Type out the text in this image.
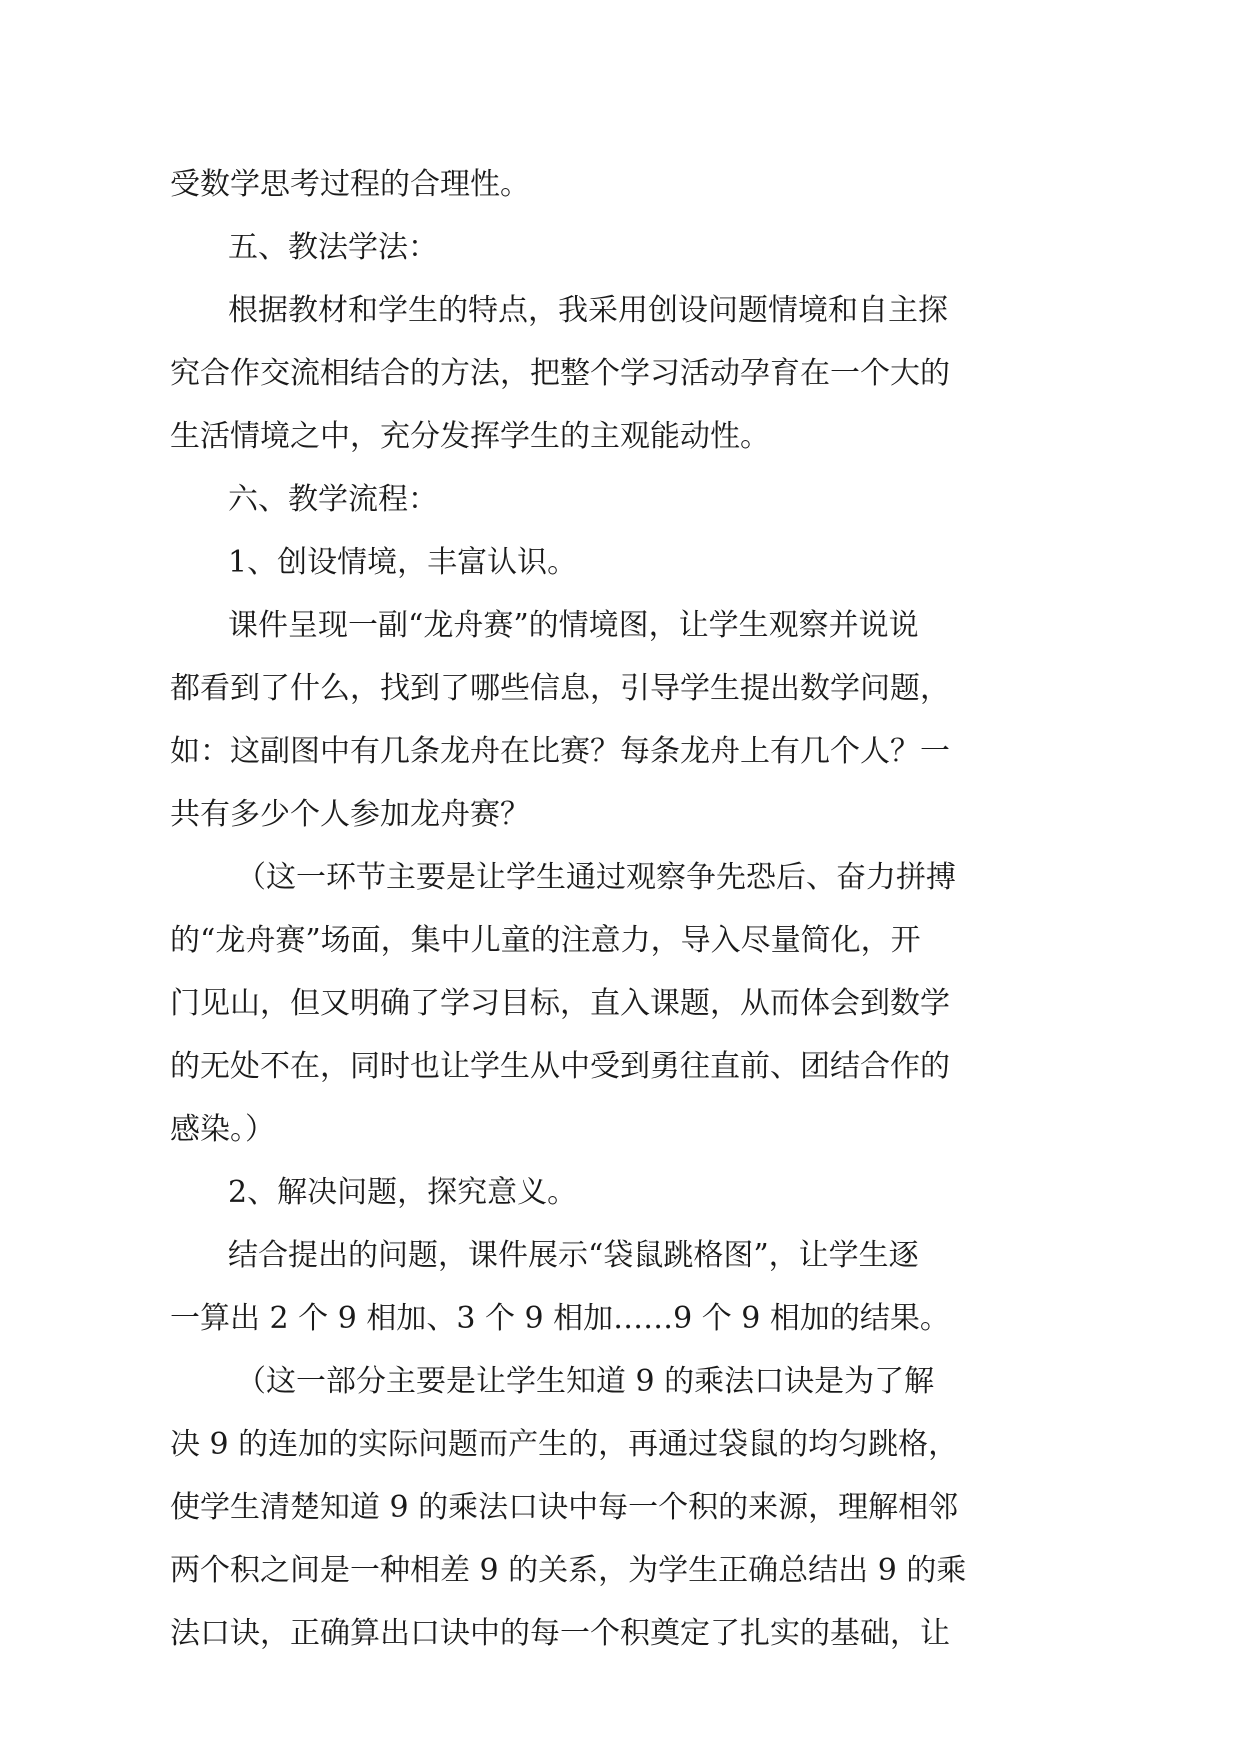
受数学思考过程的合理性。
五、教法学法：
根据教材和学生的特点，我采用创设问题情境和自主探
究合作交流相结合的方法，把整个学习活动孕育在一个大的
生活情境之中，充分发挥学生的主观能动性。
六、教学流程：
1、创设情境，丰富认识。
课件呈现一副“龙舟赛”的情境图，让学生观察并说说
都看到了什么，找到了哪些信息，引导学生提出数学问题，
如：这副图中有几条龙舟在比赛？每条龙舟上有几个人？一
共有多少个人参加龙舟赛？
（这一环节主要是让学生通过观察争先恐后、奋力拼搏
的“龙舟赛”场面，集中儿童的注意力，导入尽量简化，开
门见山，但又明确了学习目标，直入课题，从而体会到数学
的无处不在，同时也让学生从中受到勇往直前、团结合作的
感染。）
2、解决问题，探究意义。
结合提出的问题，课件展示“袋鼠跳格图”，让学生逐
一算出 2 个 9 相加、3 个 9 相加……9 个 9 相加的结果。
（这一部分主要是让学生知道 9 的乘法口诀是为了解
决 9 的连加的实际问题而产生的，再通过袋鼠的均匀跳格，
使学生清楚知道 9 的乘法口诀中每一个积的来源，理解相邻
两个积之间是一种相差 9 的关系，为学生正确总结出 9 的乘
法口诀，正确算出口诀中的每一个积奠定了扎实的基础，让
